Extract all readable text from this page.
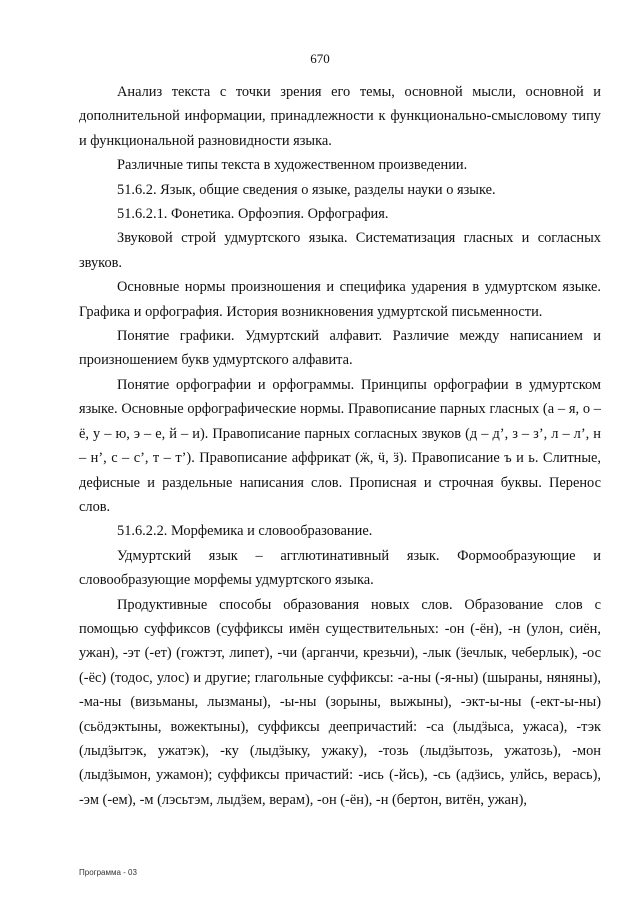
670

Анализ текста с точки зрения его темы, основной мысли, основной и дополнительной информации, принадлежности к функционально-смысловому типу и функциональной разновидности языка.

Различные типы текста в художественном произведении.

51.6.2. Язык, общие сведения о языке, разделы науки о языке.

51.6.2.1. Фонетика. Орфоэпия. Орфография.

Звуковой строй удмуртского языка. Систематизация гласных и согласных звуков.

Основные нормы произношения и специфика ударения в удмуртском языке. Графика и орфография. История возникновения удмуртской письменности.

Понятие графики. Удмуртский алфавит. Различие между написанием и произношением букв удмуртского алфавита.

Понятие орфографии и орфограммы. Принципы орфографии в удмуртском языке. Основные орфографические нормы. Правописание парных гласных (а – я, о – ё, у – ю, э – е, й – и). Правописание парных согласных звуков (д – д’, з – з’, л – л’, н – н’, с – с’, т – т’). Правописание аффрикат (ӝ, ӵ, ӟ). Правописание ъ и ь. Слитные, дефисные и раздельные написания слов. Прописная и строчная буквы. Перенос слов.

51.6.2.2. Морфемика и словообразование.

Удмуртский язык – агглютинативный язык. Формообразующие и словообразующие морфемы удмуртского языка.

Продуктивные способы образования новых слов. Образование слов с помощью суффиксов (суффиксы имён существительных: -он (-ён), -н (улон, сиён, ужан), -эт (-ет) (гожтэт, липет), -чи (арганчи, крезьчи), -лык (ӟечлык, чеберлык), -ос (-ёс) (тодос, улос) и другие; глагольные суффиксы: -а-ны (-я-ны) (шыраны, няняны), -ма-ны (визьманы, лызманы), -ы-ны (зорыны, выжыны), -экт-ы-ны (-ект-ы-ны) (сьӧдэктыны, вожектыны), суффиксы деепричастий: -са (лыдӟыса, ужаса), -тэк (лыдӟытэк, ужатэк), -ку (лыдӟыку, ужаку), -тозь (лыдӟытозь, ужатозь), -мон (лыдӟымон, ужамон); суффиксы причастий: -ись (-йсь), -сь (адӟись, улйсь, верась), -эм (-ем), -м (лэсьтэм, лыдӟем, верам), -он (-ён), -н (бертон, витён, ужан),

Программа - 03
